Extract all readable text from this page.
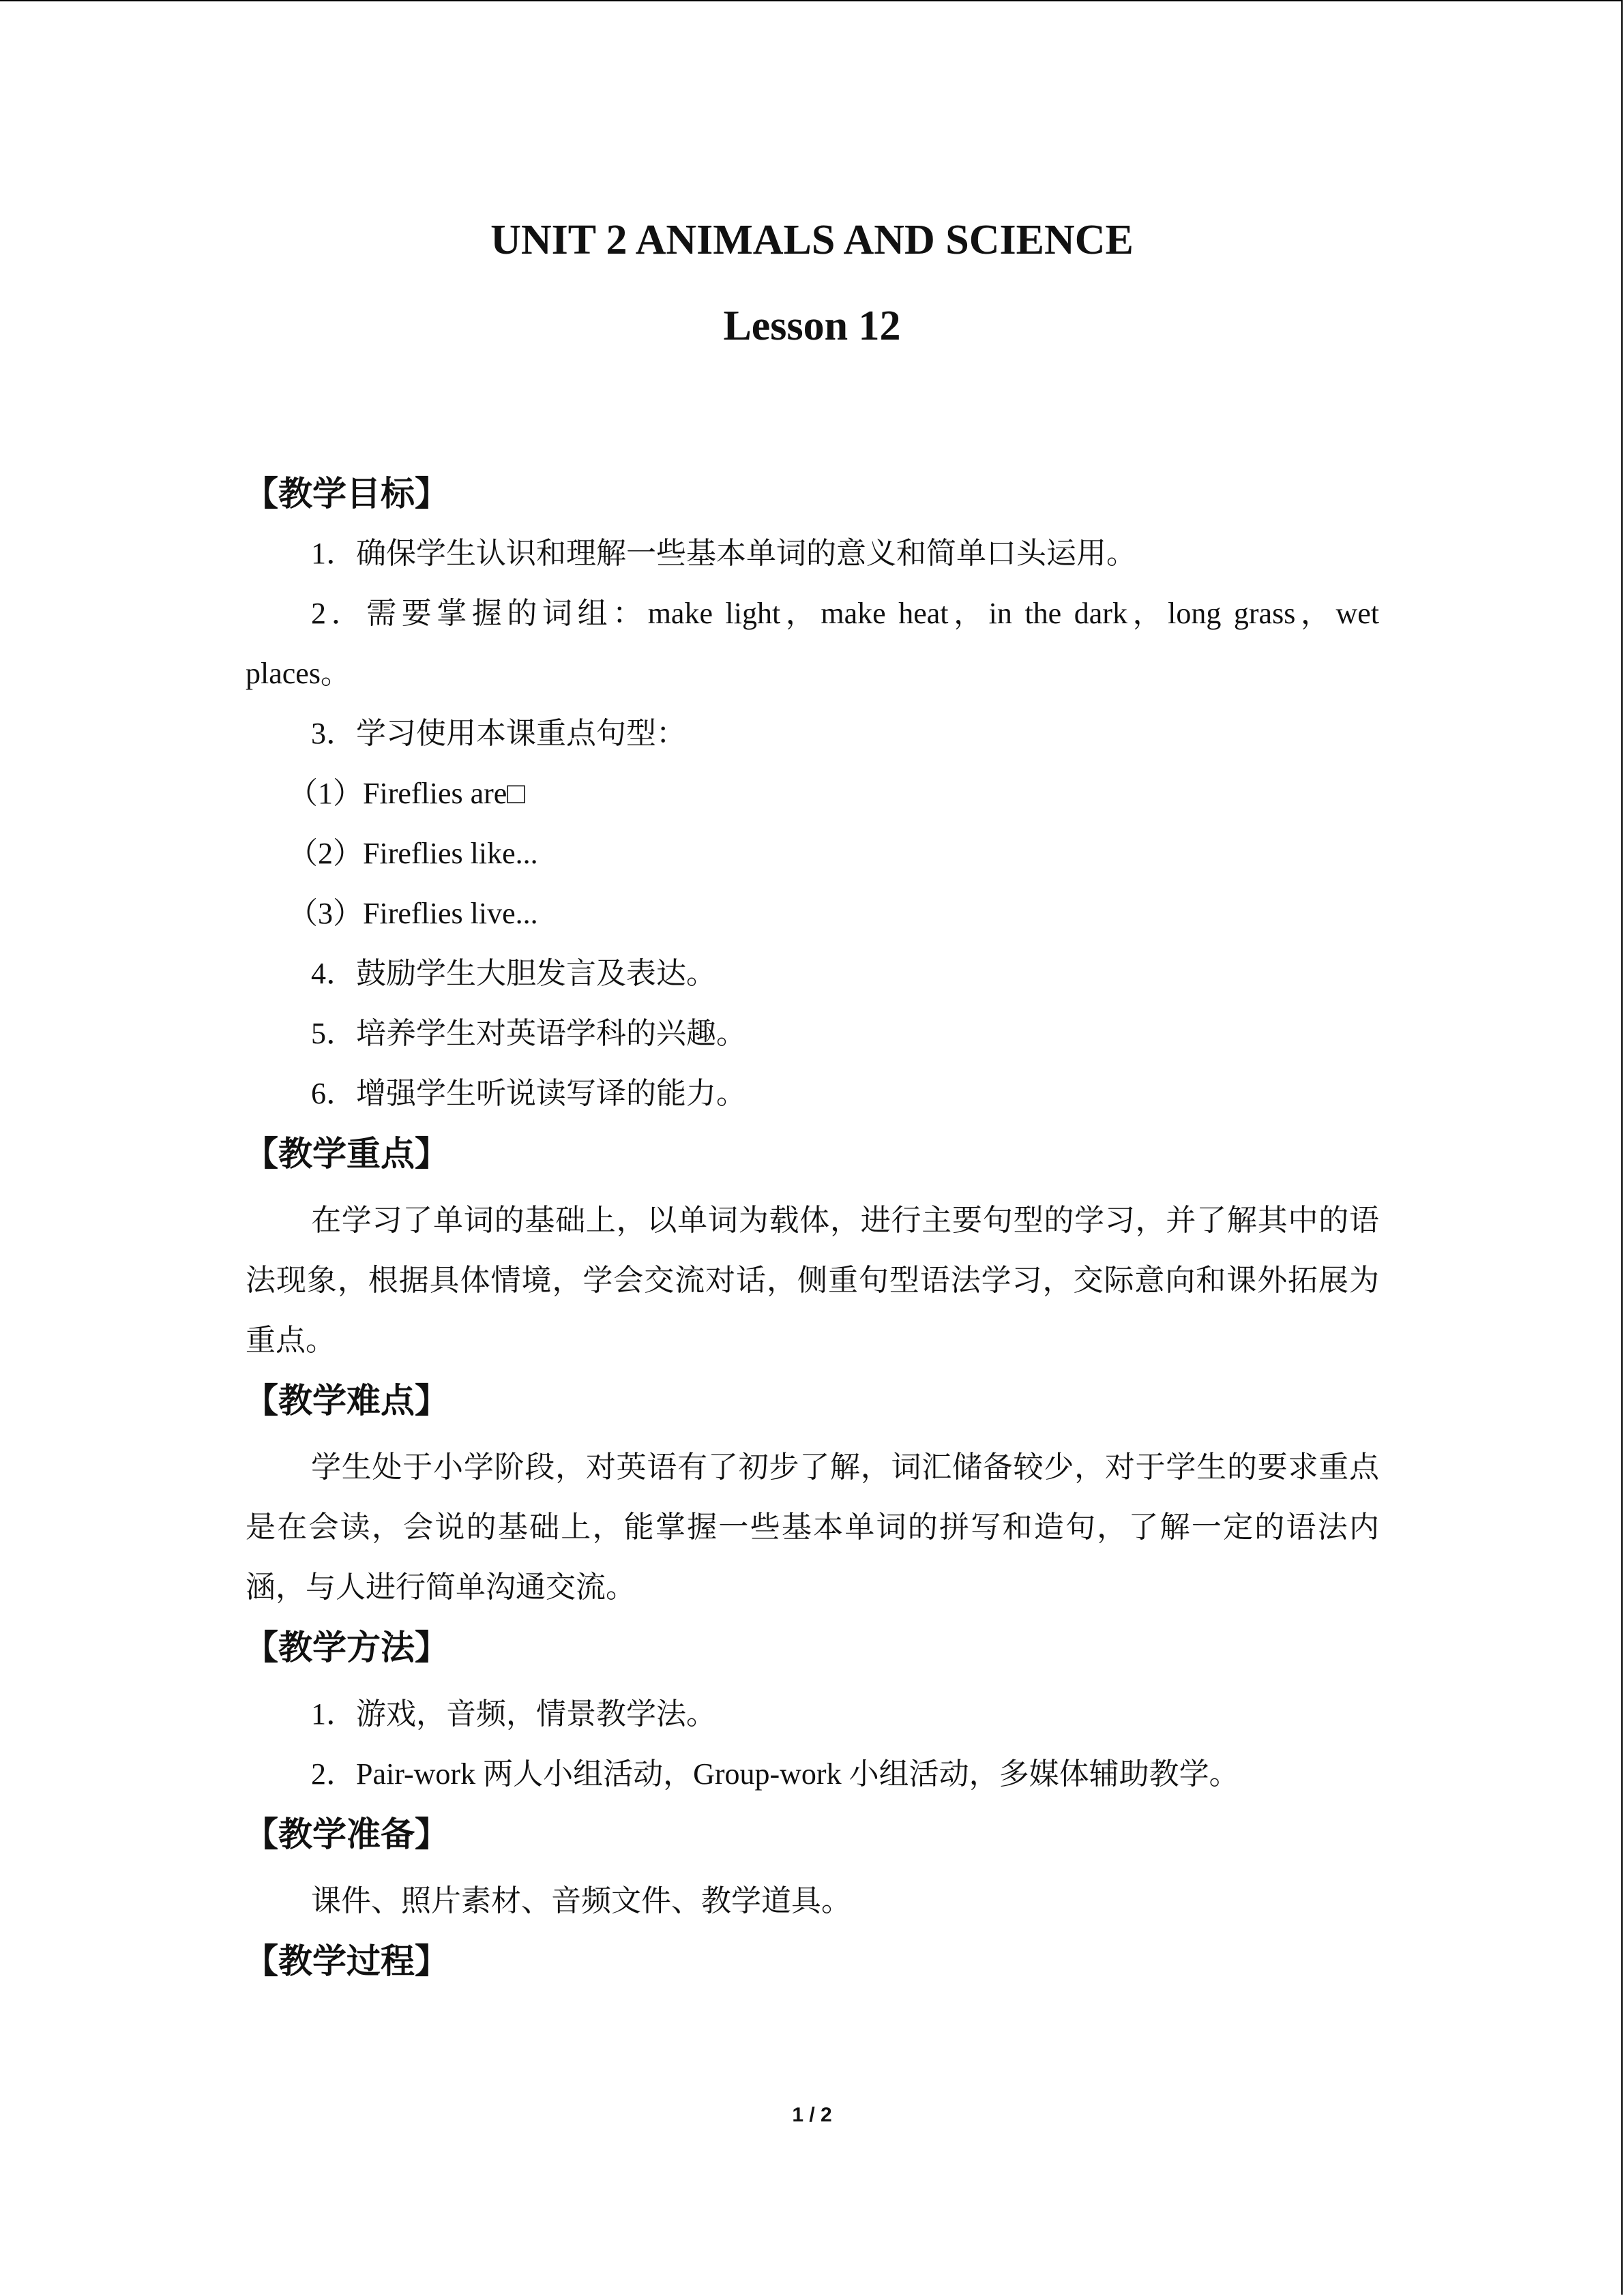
UNIT 2 ANIMALS AND SCIENCE
Lesson 12

【教学目标】

1．确保学生认识和理解一些基本单词的意义和简单口头运用。

2．需要掌握的词组：make light，make heat，in the dark，long grass，wet

places。

3．学习使用本课重点句型：

（1）Fireflies are□

（2）Fireflies like...

（3）Fireflies live...

4．鼓励学生大胆发言及表达。

5．培养学生对英语学科的兴趣。

6．增强学生听说读写译的能力。

【教学重点】

在学习了单词的基础上，以单词为载体，进行主要句型的学习，并了解其中的语法现象，根据具体情境，学会交流对话，侧重句型语法学习，交际意向和课外拓展为重点。

【教学难点】

学生处于小学阶段，对英语有了初步了解，词汇储备较少，对于学生的要求重点是在会读，会说的基础上，能掌握一些基本单词的拼写和造句，了解一定的语法内涵，与人进行简单沟通交流。

【教学方法】

1．游戏，音频，情景教学法。

2．Pair-work 两人小组活动，Group-work 小组活动，多媒体辅助教学。

【教学准备】

课件、照片素材、音频文件、教学道具。

【教学过程】

1 / 2
